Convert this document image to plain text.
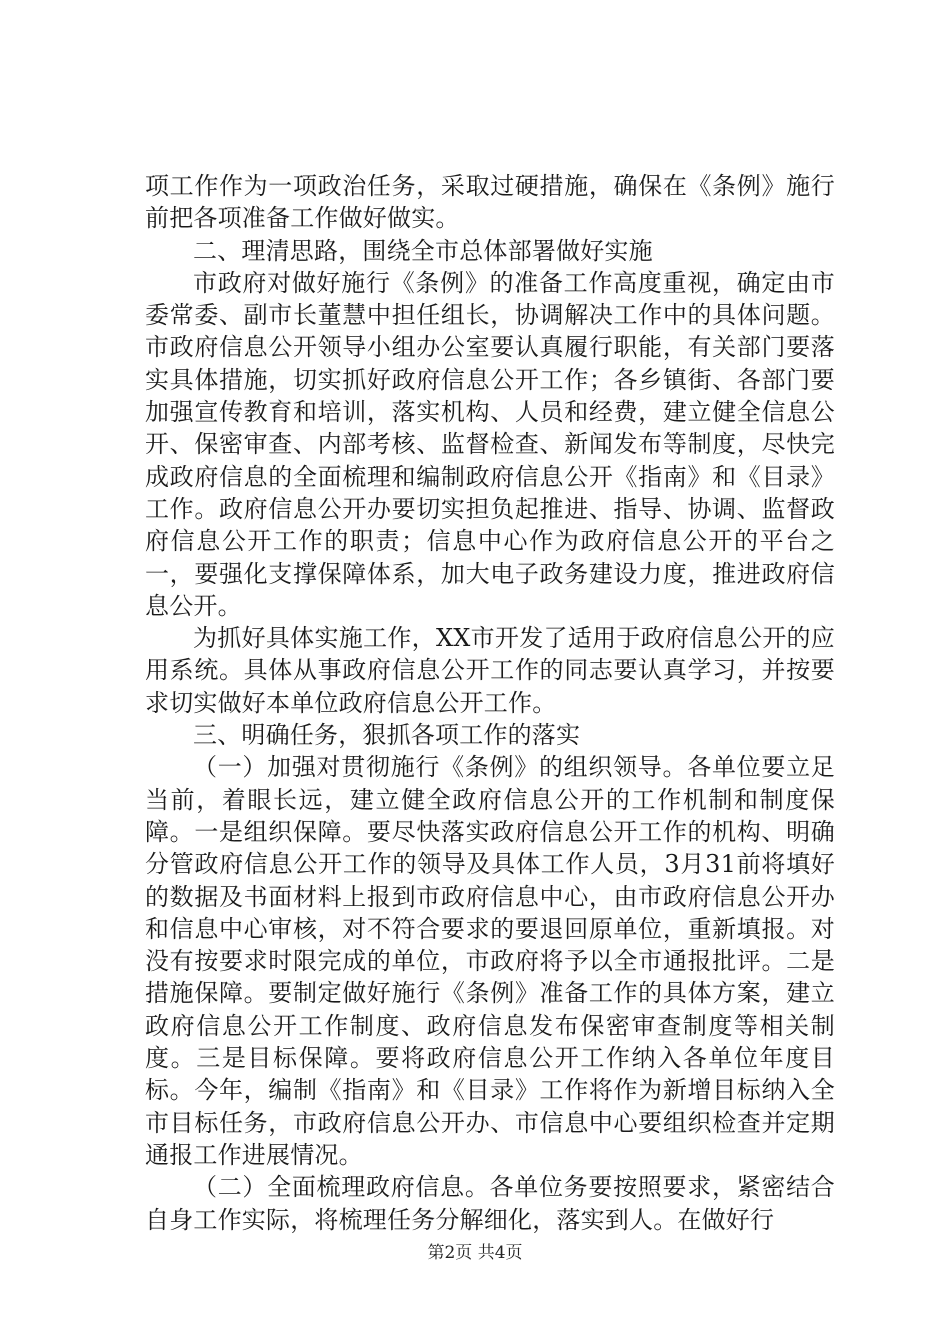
项工作作为一项政治任务，采取过硬措施，确保在《条例》施行前把各项准备工作做好做实。

二、理清思路，围绕全市总体部署做好实施

市政府对做好施行《条例》的准备工作高度重视，确定由市委常委、副市长董慧中担任组长，协调解决工作中的具体问题。市政府信息公开领导小组办公室要认真履行职能，有关部门要落实具体措施，切实抓好政府信息公开工作；各乡镇街、各部门要加强宣传教育和培训，落实机构、人员和经费，建立健全信息公开、保密审查、内部考核、监督检查、新闻发布等制度，尽快完成政府信息的全面梳理和编制政府信息公开《指南》和《目录》工作。政府信息公开办要切实担负起推进、指导、协调、监督政府信息公开工作的职责；信息中心作为政府信息公开的平台之一，要强化支撑保障体系，加大电子政务建设力度，推进政府信息公开。

为抓好具体实施工作，XX市开发了适用于政府信息公开的应用系统。具体从事政府信息公开工作的同志要认真学习，并按要求切实做好本单位政府信息公开工作。

三、明确任务，狠抓各项工作的落实

（一）加强对贯彻施行《条例》的组织领导。各单位要立足当前，着眼长远，建立健全政府信息公开的工作机制和制度保障。一是组织保障。要尽快落实政府信息公开工作的机构、明确分管政府信息公开工作的领导及具体工作人员，3月31前将填好的数据及书面材料上报到市政府信息中心，由市政府信息公开办和信息中心审核，对不符合要求的要退回原单位，重新填报。对没有按要求时限完成的单位，市政府将予以全市通报批评。二是措施保障。要制定做好施行《条例》准备工作的具体方案，建立政府信息公开工作制度、政府信息发布保密审查制度等相关制度。三是目标保障。要将政府信息公开工作纳入各单位年度目标。今年，编制《指南》和《目录》工作将作为新增目标纳入全市目标任务，市政府信息公开办、市信息中心要组织检查并定期通报工作进展情况。

（二）全面梳理政府信息。各单位务要按照要求，紧密结合自身工作实际，将梳理任务分解细化，落实到人。在做好行

第2页 共4页
